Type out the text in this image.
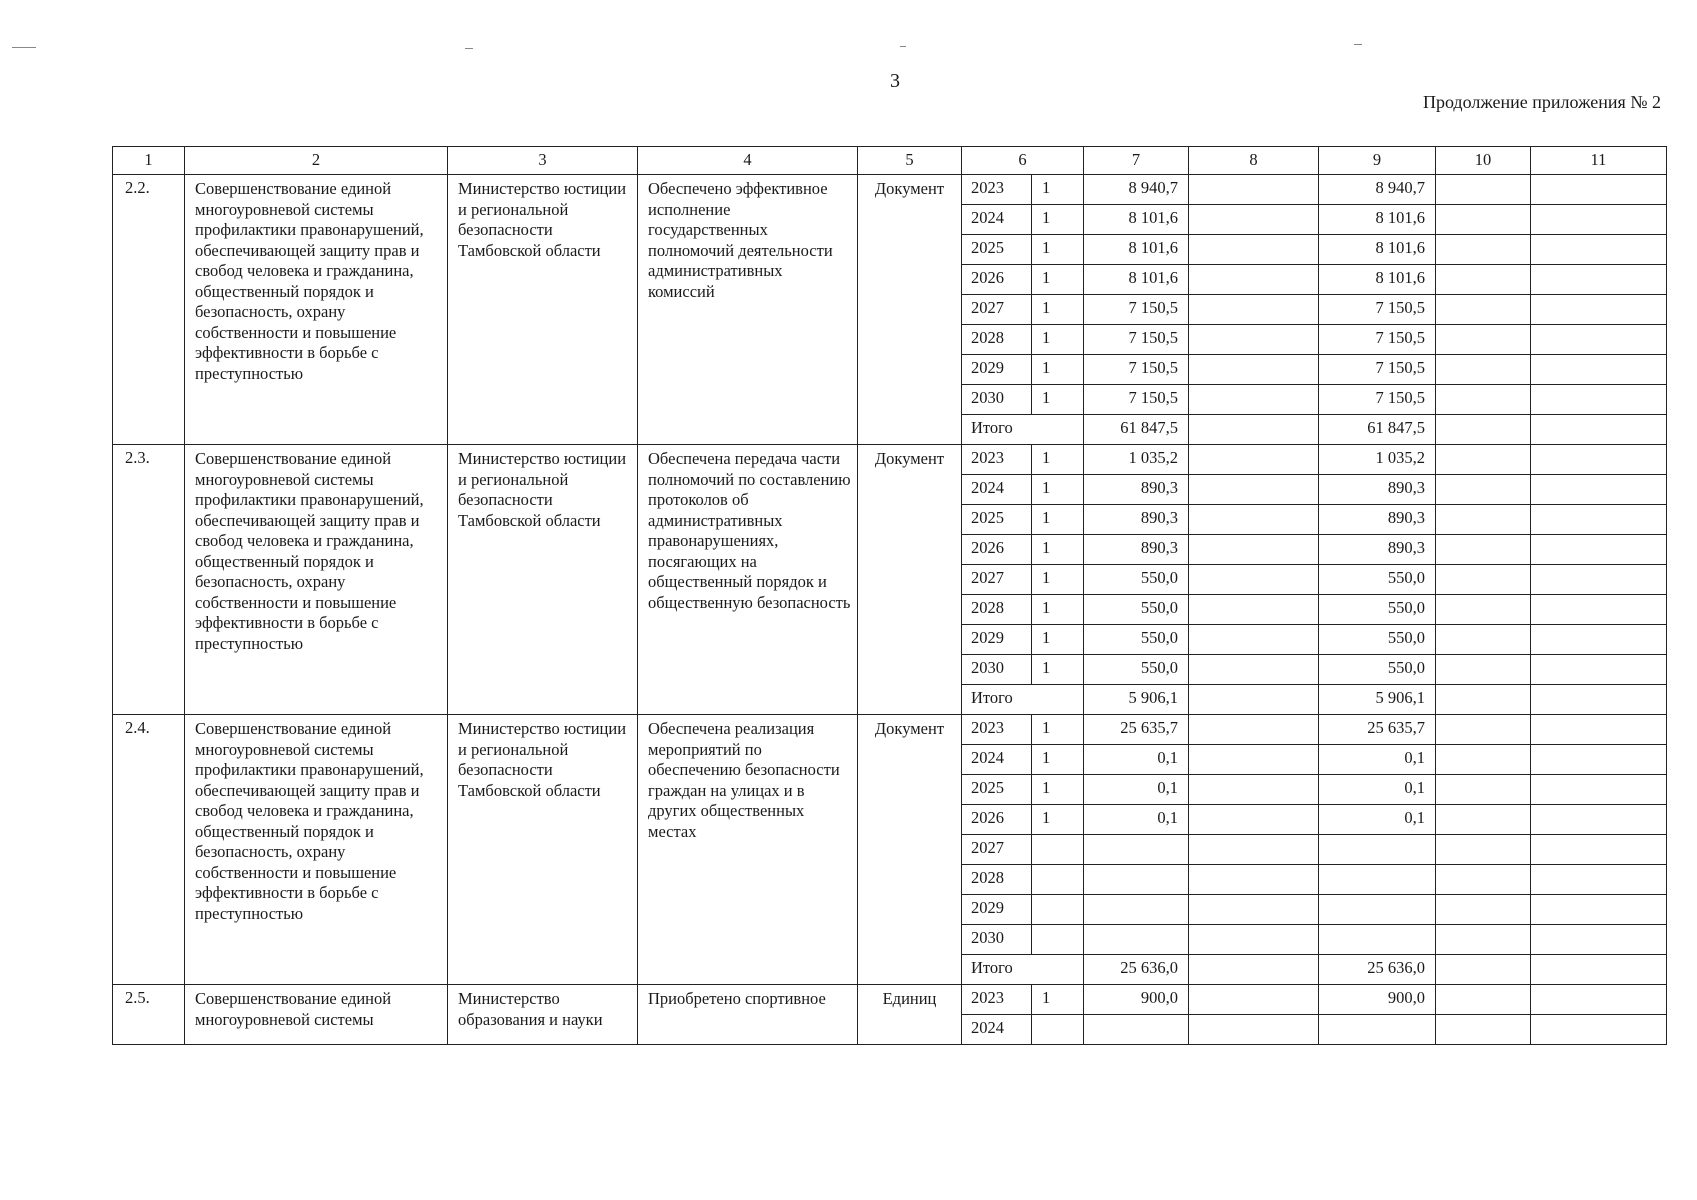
3
Продолжение приложения № 2
1	2	3	4	5	6		7	8	9	10	11
2.2.	Совершенствование единой многоуровневой системы профилактики правонарушений, обеспечивающей защиту прав и свобод человека и гражданина, общественный порядок и безопасность, охрану собственности и повышение эффективности в борьбе с преступностью	Министерство юстиции и региональной безопасности Тамбовской области	Обеспечено эффективное исполнение государственных полномочий деятельности административных комиссий	Документ	2023	1	8 940,7		8 940,7		
					2024	1	8 101,6		8 101,6		
					2025	1	8 101,6		8 101,6		
					2026	1	8 101,6		8 101,6		
					2027	1	7 150,5		7 150,5		
					2028	1	7 150,5		7 150,5		
					2029	1	7 150,5		7 150,5		
					2030	1	7 150,5		7 150,5		
					Итого		61 847,5		61 847,5		
2.3.	Совершенствование единой многоуровневой системы профилактики правонарушений, обеспечивающей защиту прав и свобод человека и гражданина, общественный порядок и безопасность, охрану собственности и повышение эффективности в борьбе с преступностью	Министерство юстиции и региональной безопасности Тамбовской области	Обеспечена передача части полномочий по составлению протоколов об административных правонарушениях, посягающих на общественный порядок и общественную безопасность	Документ	2023	1	1 035,2		1 035,2		
					2024	1	890,3		890,3		
					2025	1	890,3		890,3		
					2026	1	890,3		890,3		
					2027	1	550,0		550,0		
					2028	1	550,0		550,0		
					2029	1	550,0		550,0		
					2030	1	550,0		550,0		
					Итого		5 906,1		5 906,1		
2.4.	Совершенствование единой многоуровневой системы профилактики правонарушений, обеспечивающей защиту прав и свобод человека и гражданина, общественный порядок и безопасность, охрану собственности и повышение эффективности в борьбе с преступностью	Министерство юстиции и региональной безопасности Тамбовской области	Обеспечена реализация мероприятий по обеспечению безопасности граждан на улицах и в других общественных местах	Документ	2023	1	25 635,7		25 635,7		
					2024	1	0,1		0,1		
					2025	1	0,1		0,1		
					2026	1	0,1		0,1		
					2027						
					2028						
					2029						
					2030						
					Итого		25 636,0		25 636,0		
2.5.	Совершенствование единой многоуровневой системы	Министерство образования и науки	Приобретено спортивное	Единиц	2023	1	900,0		900,0		
					2024						
